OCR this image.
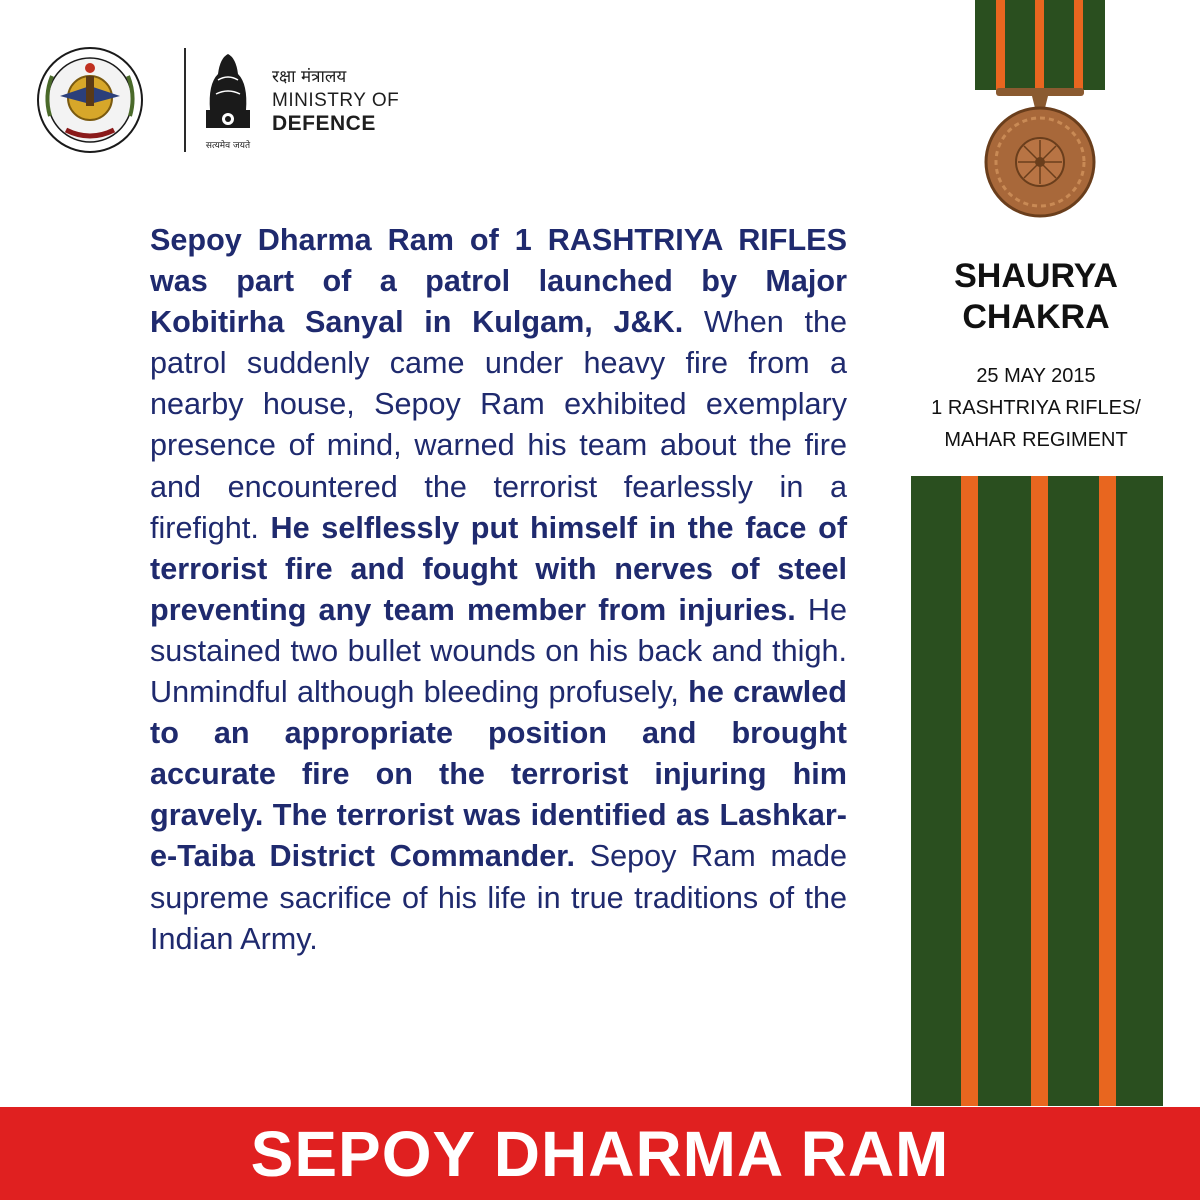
सत्यमेव जयते
रक्षा मंत्रालय
MINISTRY OF
DEFENCE
Sepoy Dharma Ram of 1 RASHTRIYA RIFLES was part of a patrol launched by Major Kobitirha Sanyal in Kulgam, J&K. When the patrol suddenly came under heavy fire from a nearby house, Sepoy Ram exhibited exemplary presence of mind, warned his team about the fire and encountered the terrorist fearlessly in a firefight. He selflessly put himself in the face of terrorist fire and fought with nerves of steel preventing any team member from injuries. He sustained two bullet wounds on his back and thigh. Unmindful although bleeding profusely, he crawled to an appropriate position and brought accurate fire on the terrorist injuring him gravely. The terrorist was identified as Lashkar-e-Taiba District Commander. Sepoy Ram made supreme sacrifice of his life in true traditions of the Indian Army.
SHAURYA
CHAKRA
25 MAY 2015
1 RASHTRIYA RIFLES/
MAHAR REGIMENT
SEPOY DHARMA RAM
